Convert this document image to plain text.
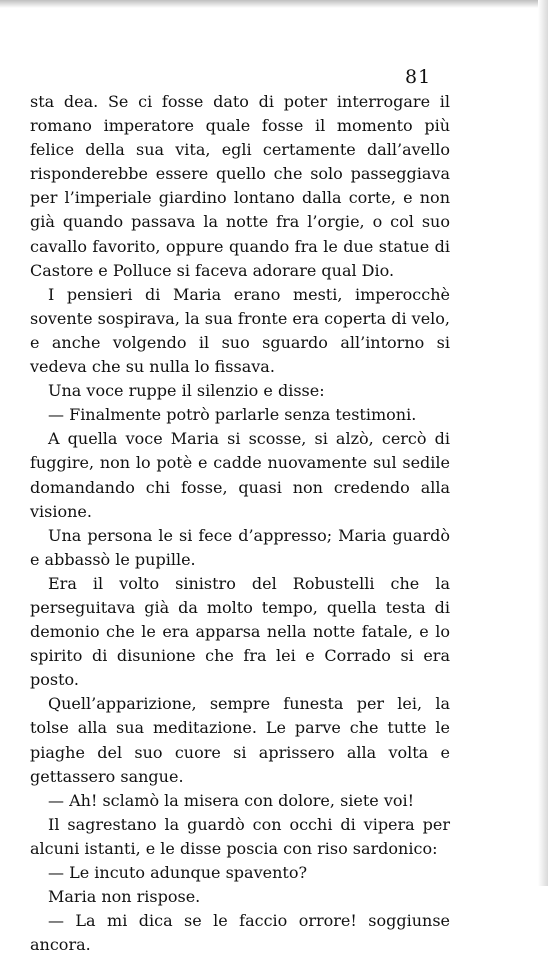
81

sta dea. Se ci fosse dato di poter interrogare il romano imperatore quale fosse il momento più felice della sua vita, egli certamente dall’avello risponderebbe essere quello che solo passeggiava per l’imperiale giardino lontano dalla corte, e non già quando passava la notte fra l’orgie, o col suo cavallo favorito, oppure quando fra le due statue di Castore e Polluce si faceva adorare qual Dio.

I pensieri di Maria erano mesti, imperocchè sovente sospirava, la sua fronte era coperta di velo, e anche volgendo il suo sguardo all’intorno si vedeva che su nulla lo fissava.

Una voce ruppe il silenzio e disse:

— Finalmente potrò parlarle senza testimoni.

A quella voce Maria si scosse, si alzò, cercò di fuggire, non lo potè e cadde nuovamente sul sedile domandando chi fosse, quasi non credendo alla visione.

Una persona le si fece d’appresso; Maria guardò e abbassò le pupille.

Era il volto sinistro del Robustelli che la perseguitava già da molto tempo, quella testa di demonio che le era apparsa nella notte fatale, e lo spirito di disunione che fra lei e Corrado si era posto.

Quell’apparizione, sempre funesta per lei, la tolse alla sua meditazione. Le parve che tutte le piaghe del suo cuore si aprissero alla volta e gettassero sangue.

— Ah! sclamò la misera con dolore, siete voi!

Il sagrestano la guardò con occhi di vipera per alcuni istanti, e le disse poscia con riso sardonico:

— Le incuto adunque spavento?

Maria non rispose.

— La mi dica se le faccio orrore! soggiunse ancora.
